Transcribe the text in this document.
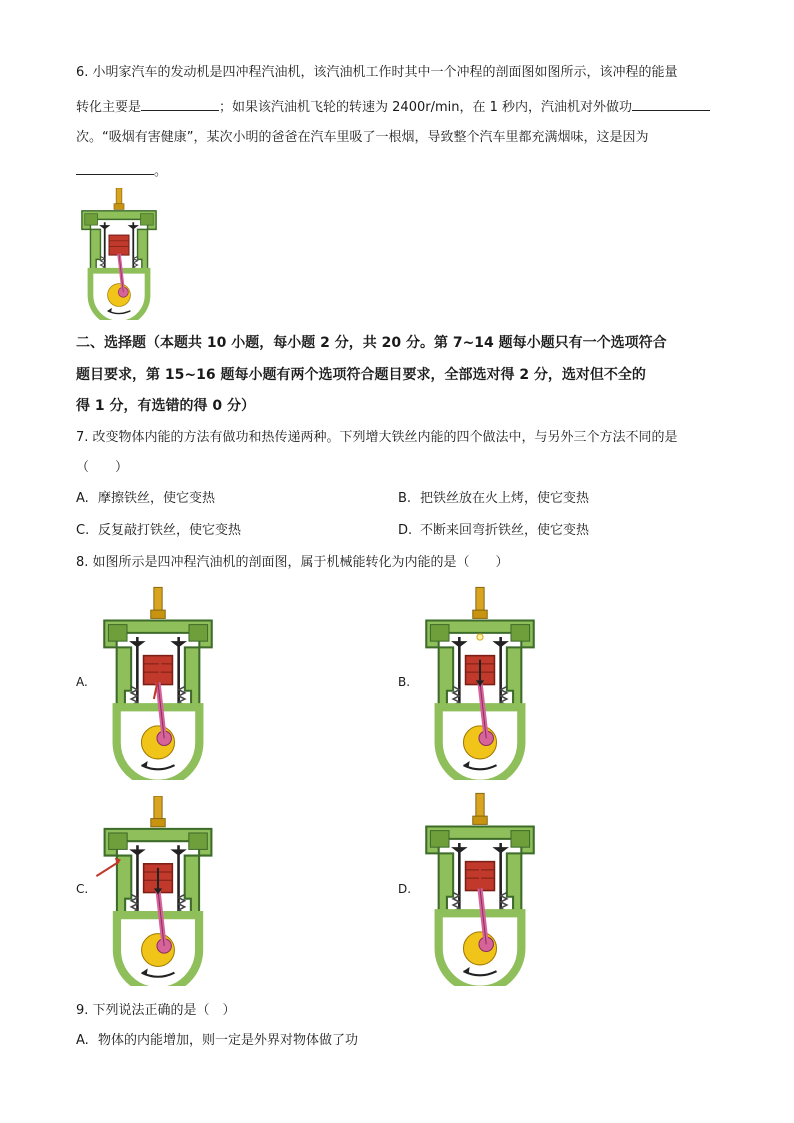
6. 小明家汽车的发动机是四冲程汽油机，该汽油机工作时其中一个冲程的剖面图如图所示，该冲程的能量
转化主要是	；如果该汽油机飞轮的转速为 2400r/min，在 1 秒内，汽油机对外做功
次。“吸烟有害健康”，某次小明的爸爸在汽车里吸了一根烟，导致整个汽车里都充满烟味，这是因为
。
二、选择题（本题共 10 小题，每小题 2 分，共 20 分。第 7~14 题每小题只有一个选项符合
题目要求，第 15~16 题每小题有两个选项符合题目要求，全部选对得 2 分，选对但不全的
得 1 分，有选错的得 0 分）
7. 改变物体内能的方法有做功和热传递两种。下列增大铁丝内能的四个做法中，与另外三个方法不同的是
（　　）
A. 摩擦铁丝，使它变热	B. 把铁丝放在火上烤，使它变热
C. 反复敲打铁丝，使它变热	D. 不断来回弯折铁丝，使它变热
8. 如图所示是四冲程汽油机的剖面图，属于机械能转化为内能的是（　　）
A.	B.
C.	D.
9. 下列说法正确的是（　）
A. 物体的内能增加，则一定是外界对物体做了功
